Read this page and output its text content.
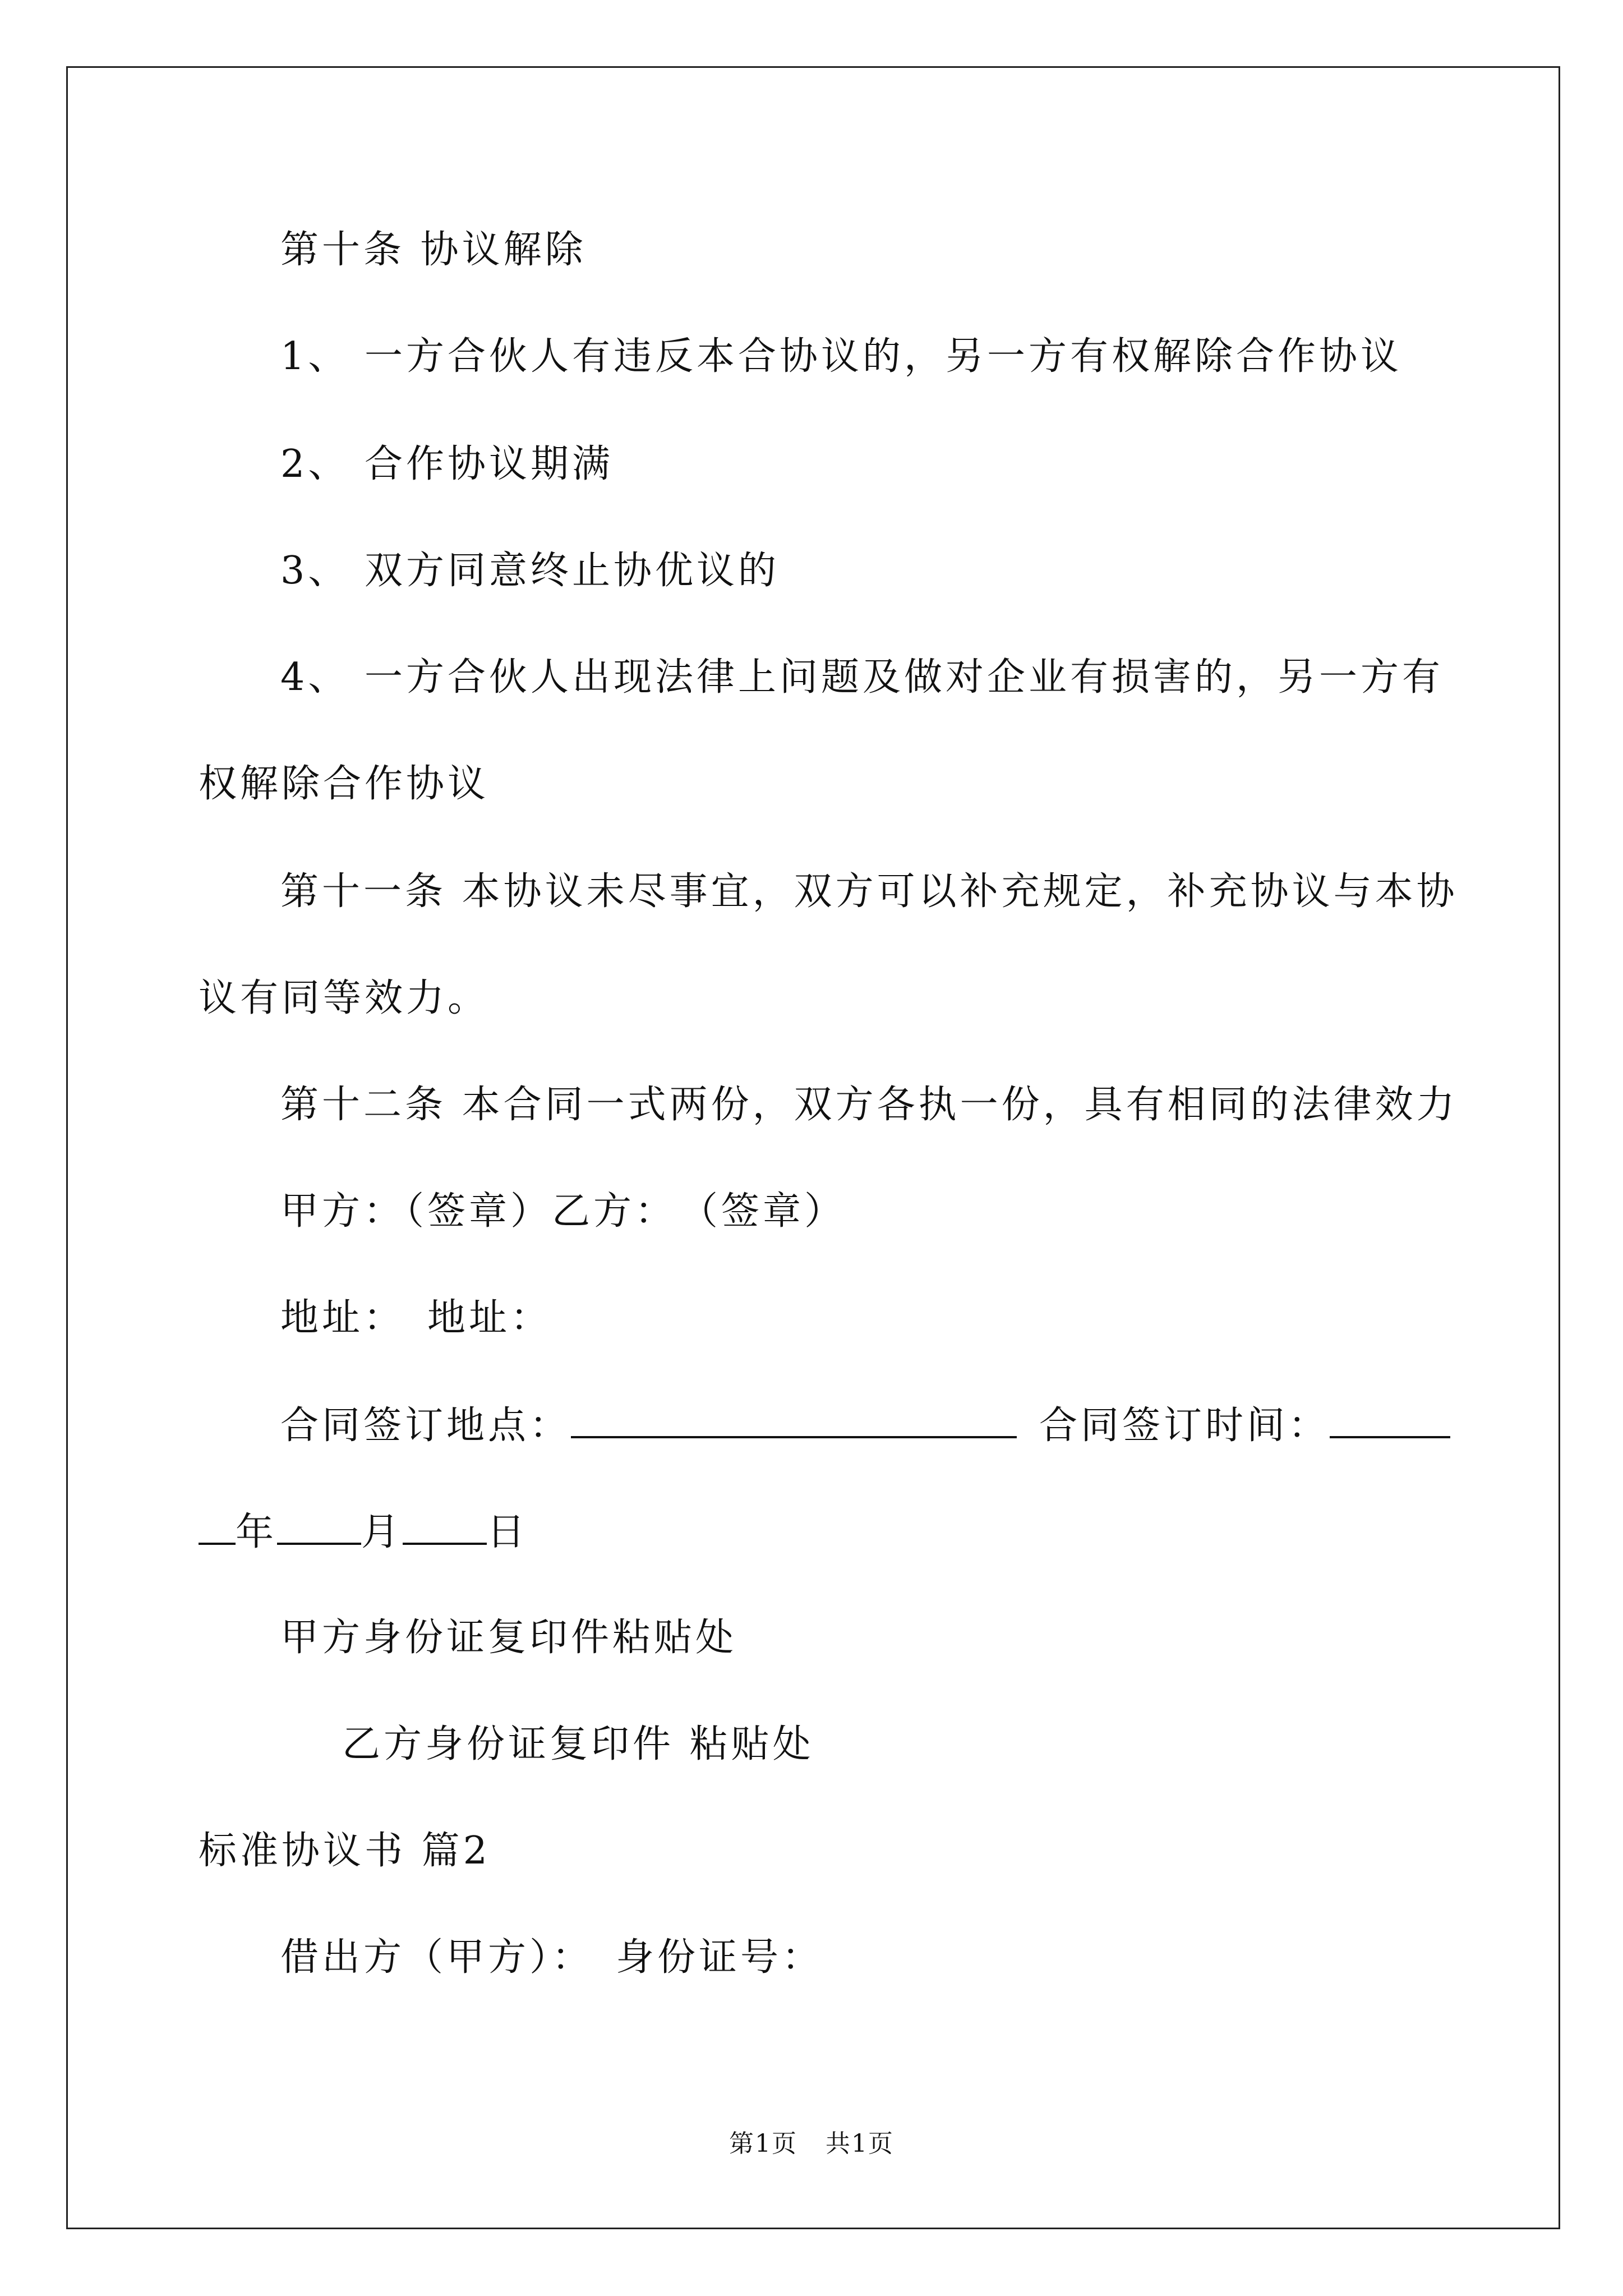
第十条 协议解除
1、 一方合伙人有违反本合协议的，另一方有权解除合作协议
2、 合作协议期满
3、 双方同意终止协优议的
4、 一方合伙人出现法律上问题及做对企业有损害的，另一方有
权解除合作协议
第十一条 本协议未尽事宜，双方可以补充规定，补充协议与本协
议有同等效力。
第十二条 本合同一式两份，双方各执一份，具有相同的法律效力
甲方：（签章）乙方：　（签章）
地址：　地址：
合同签订地点：	合同签订时间：
年 月 日
甲方身份证复印件粘贴处
乙方身份证复印件 粘贴处
标准协议书 篇2
借出方（甲方）：　身份证号：
第1页 共1页
